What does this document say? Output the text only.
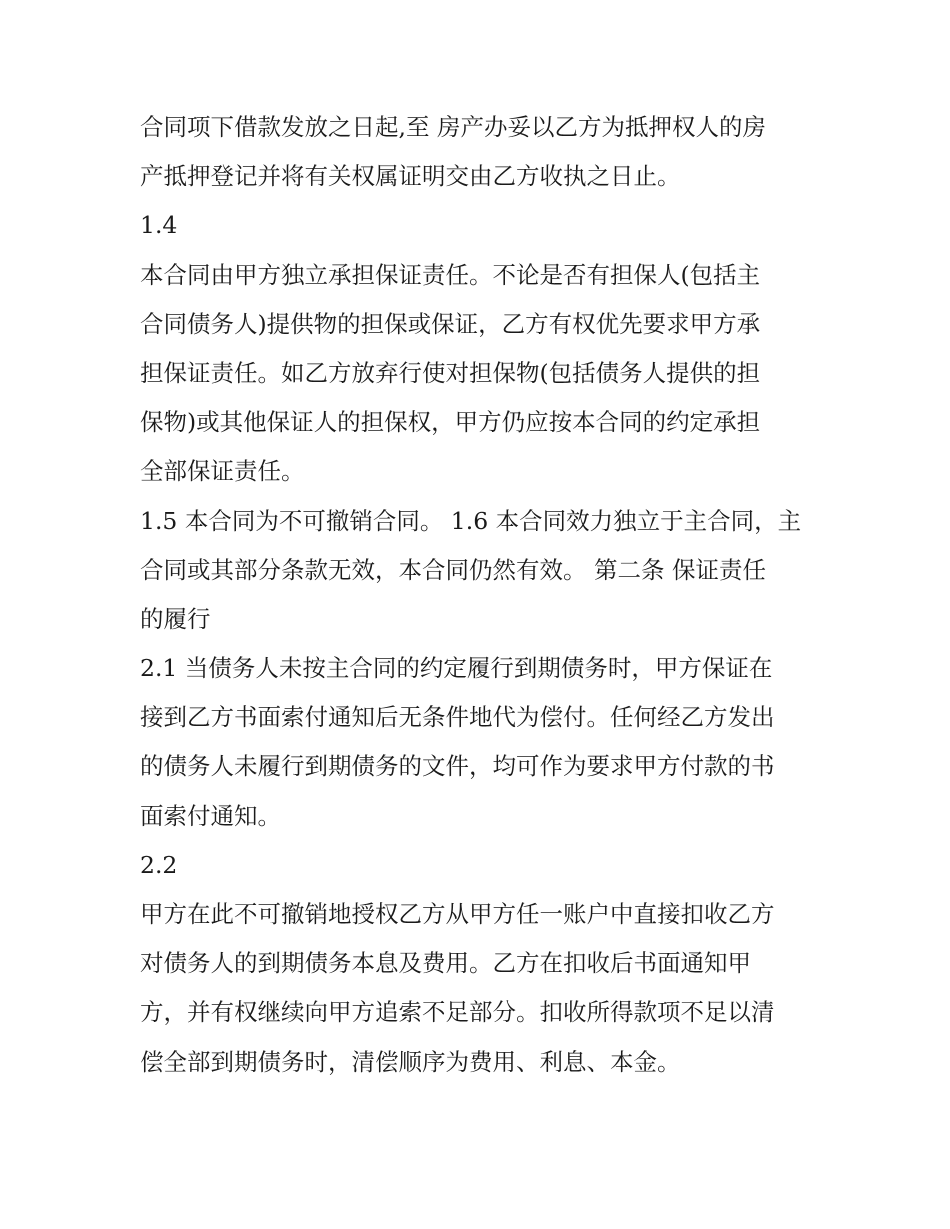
合同项下借款发放之日起,至 房产办妥以乙方为抵押权人的房
产抵押登记并将有关权属证明交由乙方收执之日止。
1.4
本合同由甲方独立承担保证责任。不论是否有担保人(包括主
合同债务人)提供物的担保或保证，乙方有权优先要求甲方承
担保证责任。如乙方放弃行使对担保物(包括债务人提供的担
保物)或其他保证人的担保权，甲方仍应按本合同的约定承担
全部保证责任。
1.5 本合同为不可撤销合同。 1.6 本合同效力独立于主合同，主
合同或其部分条款无效，本合同仍然有效。 第二条 保证责任
的履行
2.1 当债务人未按主合同的约定履行到期债务时，甲方保证在
接到乙方书面索付通知后无条件地代为偿付。任何经乙方发出
的债务人未履行到期债务的文件，均可作为要求甲方付款的书
面索付通知。
2.2
甲方在此不可撤销地授权乙方从甲方任一账户中直接扣收乙方
对债务人的到期债务本息及费用。乙方在扣收后书面通知甲
方，并有权继续向甲方追索不足部分。扣收所得款项不足以清
偿全部到期债务时，清偿顺序为费用、利息、本金。
